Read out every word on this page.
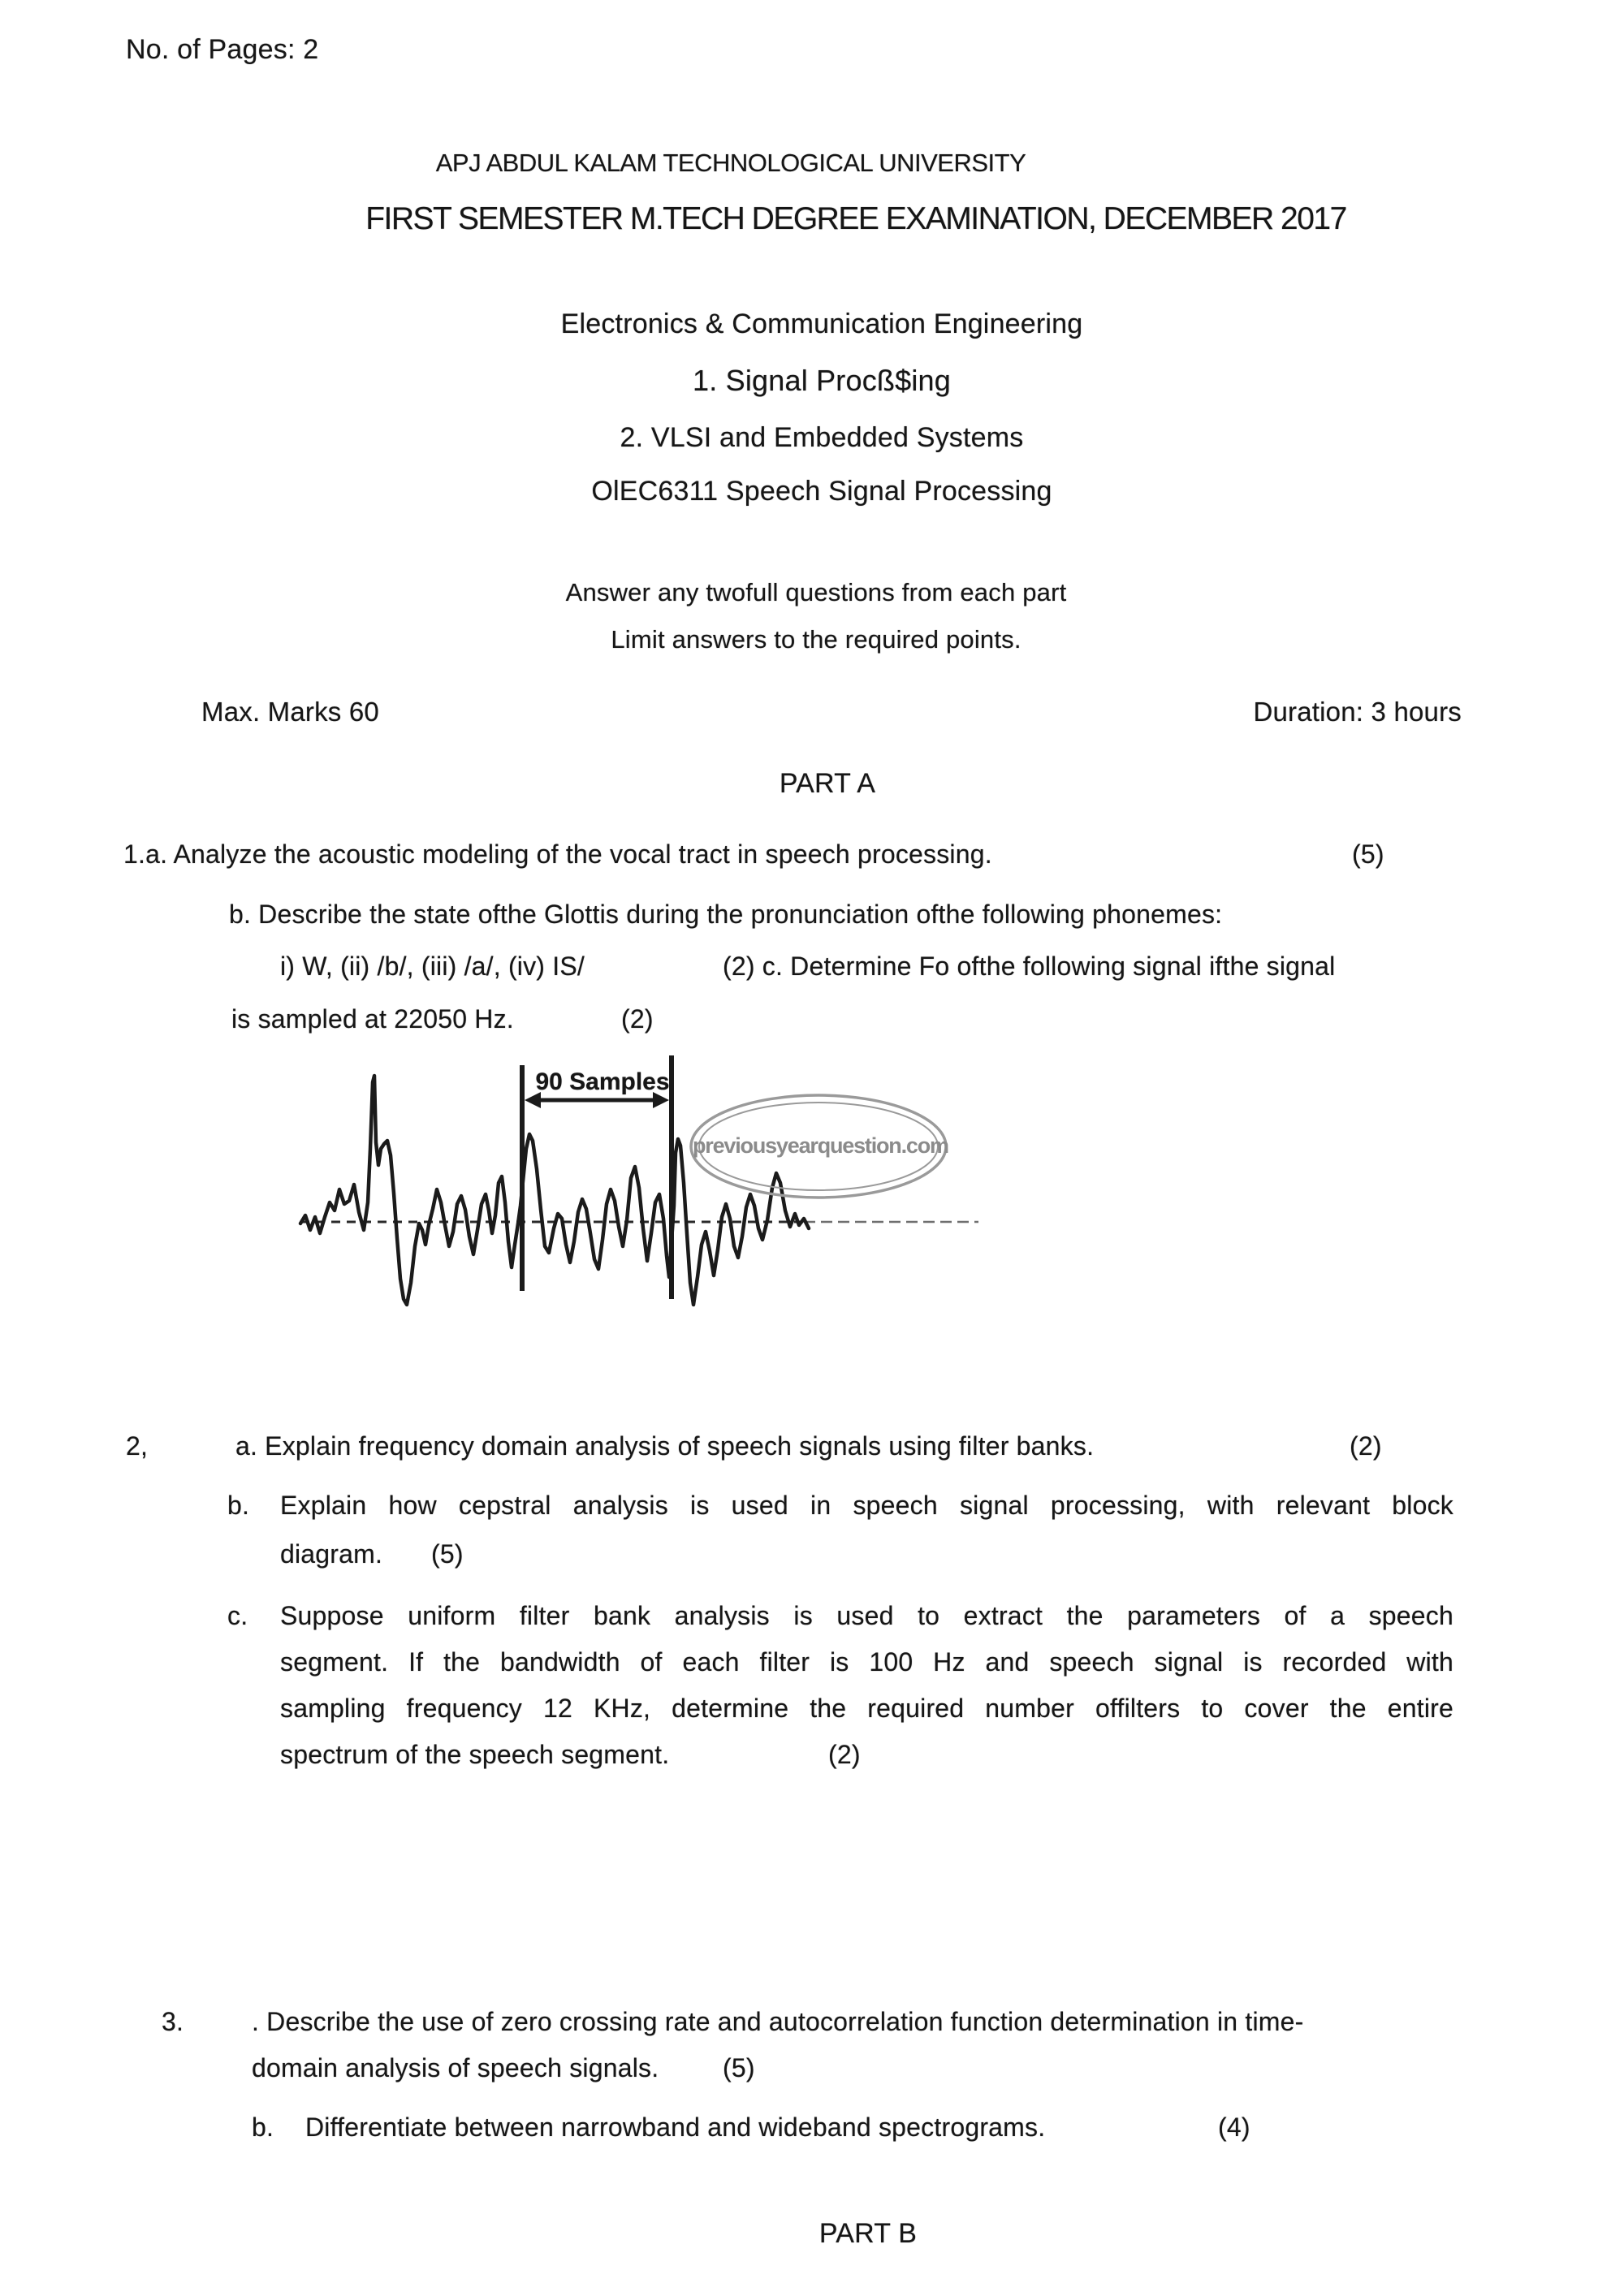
No. of Pages: 2
APJ ABDUL KALAM TECHNOLOGICAL UNIVERSITY
FIRST SEMESTER M.TECH DEGREE EXAMINATION, DECEMBER 2017
Electronics & Communication Engineering
1. Signal Procß$ing
2. VLSI and Embedded Systems
OlEC6311 Speech Signal Processing
Answer any twofull questions from each part
Limit answers to the required points.
Max. Marks 60	Duration: 3 hours
PART A
1.a. Analyze the acoustic modeling of the vocal tract in speech processing.	(5)
b. Describe the state ofthe Glottis during the pronunciation ofthe following phonemes:
i) W, (ii) /b/, (iii) /a/, (iv) IS/	(2) c. Determine Fo ofthe following signal ifthe signal
is sampled at 22050 Hz.	(2)
90 Samples
previousyearquestion.com
2,	a. Explain frequency domain analysis of speech signals using filter banks.	(2)
b. Explain how cepstral analysis is used in speech signal processing, with relevant block
diagram. (5)
c. Suppose uniform filter bank analysis is used to extract the parameters of a speech
segment. If the bandwidth of each filter is 100 Hz and speech signal is recorded with
sampling frequency 12 KHz, determine the required number offilters to cover the entire
spectrum of the speech segment.	(2)
3.	. Describe the use of zero crossing rate and autocorrelation function determination in time-
domain analysis of speech signals. (5)
b. Differentiate between narrowband and wideband spectrograms.	(4)
PART B
